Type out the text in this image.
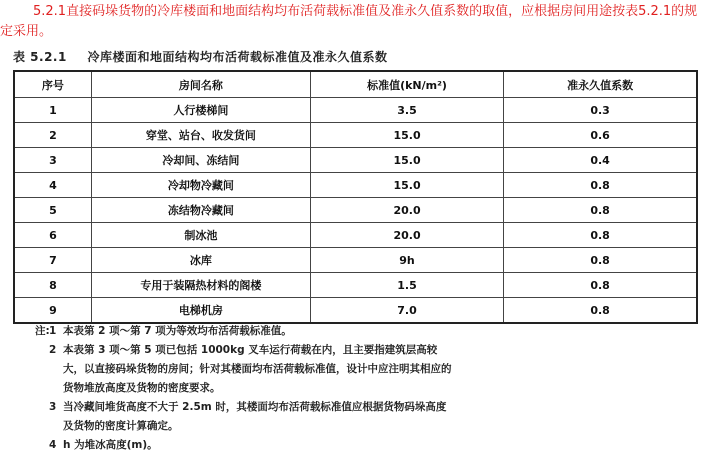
5.2.1直接码垛货物的冷库楼面和地面结构均布活荷载标准值及准永久值系数的取值，应根据房间用途按表5.2.1的规定采用。

表 5.2.1 冷库楼面和地面结构均布活荷载标准值及准永久值系数
序号	房间名称	标准值(kN/m²)	准永久值系数
1	人行楼梯间	3.5	0.3
2	穿堂、站台、收发货间	15.0	0.6
3	冷却间、冻结间	15.0	0.4
4	冷却物冷藏间	15.0	0.8
5	冻结物冷藏间	20.0	0.8
6	制冰池	20.0	0.8
7	冰库	9h	0.8
8	专用于装隔热材料的阁楼	1.5	0.8
9	电梯机房	7.0	0.8

注: 1 本表第 2 项～第 7 项为等效均布活荷载标准值。

2 本表第 3 项～第 5 项已包括 1000kg 叉车运行荷载在内，且主要指建筑层高较大，以直接码垛货物的房间；针对其楼面均布活荷载标准值，设计中应注明其相应的货物堆放高度及货物的密度要求。

3 当冷藏间堆货高度不大于 2.5m 时，其楼面均布活荷载标准值应根据货物码垛高度及货物的密度计算确定。

4 h 为堆冰高度(m)。
